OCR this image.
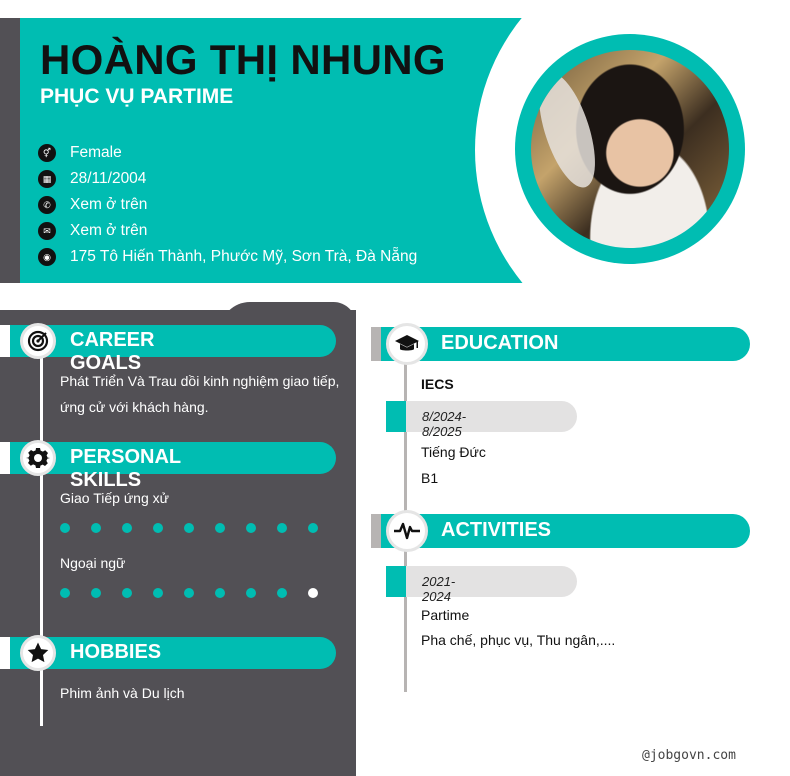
HOÀNG THỊ NHUNG
PHỤC VỤ PARTIME
⚥	Female
▦	28/11/2004
✆	Xem ở trên
✉	Xem ở trên
◉	175 Tô Hiến Thành, Phước Mỹ, Sơn Trà, Đà Nẵng
CAREER GOALS
Phát Triển Và Trau dồi kinh nghiệm giao tiếp,
ứng cử với khách hàng.
PERSONAL SKILLS
Giao Tiếp ứng xử
Ngoại ngữ
HOBBIES
Phim ảnh và Du lịch
EDUCATION
IECS
8/2024-8/2025
Tiếng Đức
B1
ACTIVITIES
2021-2024
Partime
Pha chế, phục vụ, Thu ngân,....
@jobgovn.com
